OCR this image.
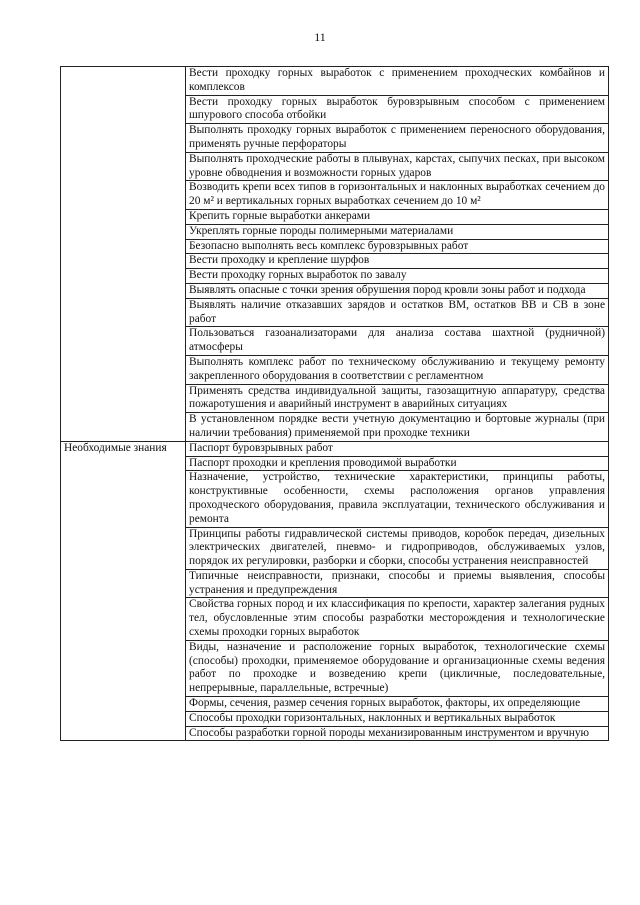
11
	Вести проходку горных выработок с применением проходческих комбайнов и комплексов
	Вести проходку горных выработок буровзрывным способом с применением шпурового способа отбойки
	Выполнять проходку горных выработок с применением переносного оборудования, применять ручные перфораторы
	Выполнять проходческие работы в плывунах, карстах, сыпучих песках, при высоком уровне обводнения и возможности горных ударов
	Возводить крепи всех типов в горизонтальных и наклонных выработках сечением до 20 м² и вертикальных горных выработках сечением до 10 м²
	Крепить горные выработки анкерами
	Укреплять горные породы полимерными материалами
	Безопасно выполнять весь комплекс буровзрывных работ
	Вести проходку и крепление шурфов
	Вести проходку горных выработок по завалу
	Выявлять опасные с точки зрения обрушения пород кровли зоны работ и подхода
	Выявлять наличие отказавших зарядов и остатков ВМ, остатков ВВ и СВ в зоне работ
	Пользоваться газоанализаторами для анализа состава шахтной (рудничной) атмосферы
	Выполнять комплекс работ по техническому обслуживанию и текущему ремонту закрепленного оборудования в соответствии с регламентном
	Применять средства индивидуальной защиты, газозащитную аппаратуру, средства пожаротушения и аварийный инструмент в аварийных ситуациях
	В установленном порядке вести учетную документацию и бортовые журналы (при наличии требования) применяемой при проходке техники
Необходимые знания	Паспорт буровзрывных работ
	Паспорт проходки и крепления проводимой выработки
	Назначение, устройство, технические характеристики, принципы работы, конструктивные особенности, схемы расположения органов управления проходческого оборудования, правила эксплуатации, технического обслуживания и ремонта
	Принципы работы гидравлической системы приводов, коробок передач, дизельных электрических двигателей, пневмо- и гидроприводов, обслуживаемых узлов, порядок их регулировки, разборки и сборки, способы устранения неисправностей
	Типичные неисправности, признаки, способы и приемы выявления, способы устранения и предупреждения
	Свойства горных пород и их классификация по крепости, характер залегания рудных тел, обусловленные этим способы разработки месторождения и технологические схемы проходки горных выработок
	Виды, назначение и расположение горных выработок, технологические схемы (способы) проходки, применяемое оборудование и организационные схемы ведения работ по проходке и возведению крепи (цикличные, последовательные, непрерывные, параллельные, встречные)
	Формы, сечения, размер сечения горных выработок, факторы, их определяющие
	Способы проходки горизонтальных, наклонных и вертикальных выработок
	Способы разработки горной породы механизированным инструментом и вручную
